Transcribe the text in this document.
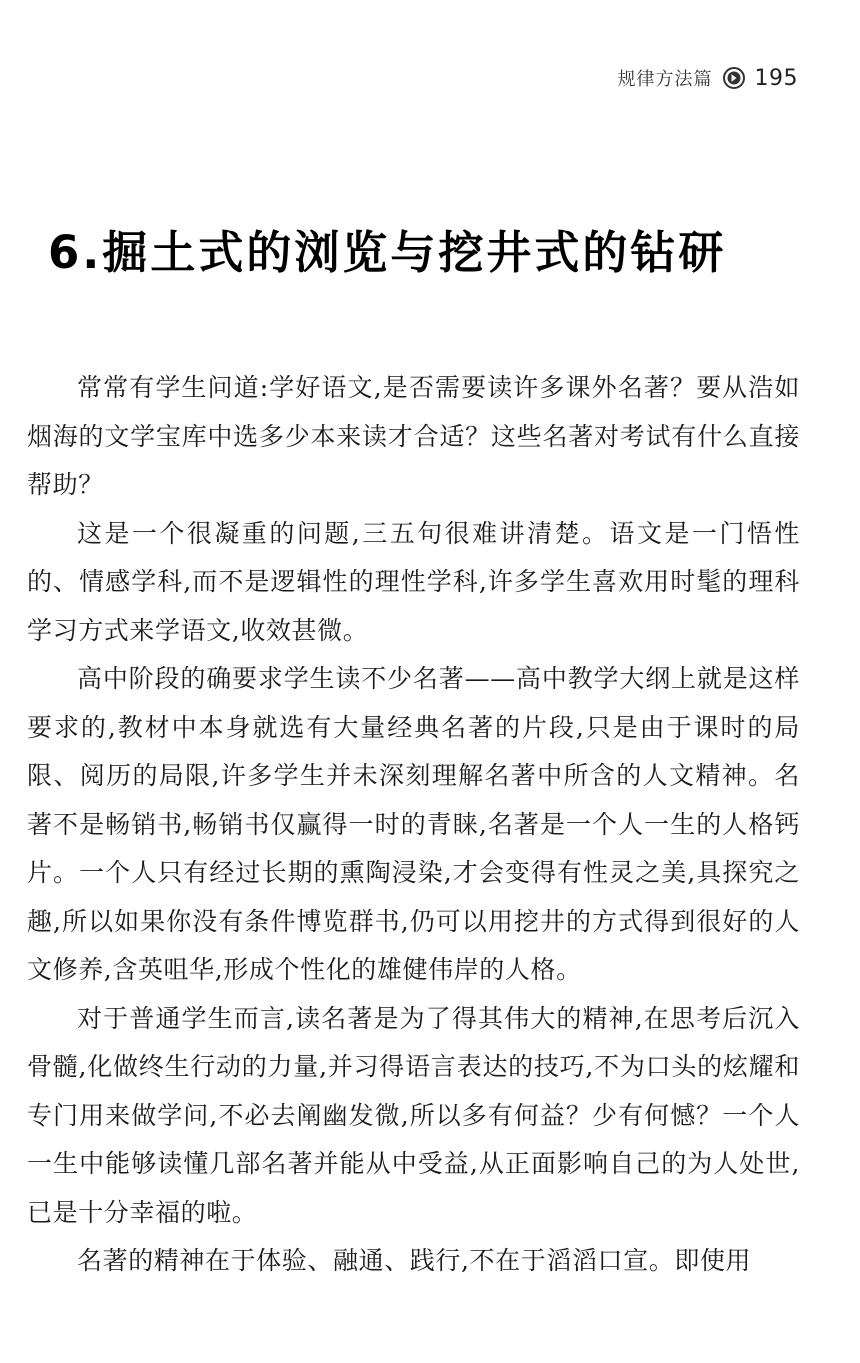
规律方法篇 195
6.掘土式的浏览与挖井式的钻研

常常有学生问道:学好语文,是否需要读许多课外名著？要从浩如烟海的文学宝库中选多少本来读才合适？这些名著对考试有什么直接帮助？

这是一个很凝重的问题,三五句很难讲清楚。语文是一门悟性的、情感学科,而不是逻辑性的理性学科,许多学生喜欢用时髦的理科学习方式来学语文,收效甚微。

高中阶段的确要求学生读不少名著——高中教学大纲上就是这样要求的,教材中本身就选有大量经典名著的片段,只是由于课时的局限、阅历的局限,许多学生并未深刻理解名著中所含的人文精神。名著不是畅销书,畅销书仅赢得一时的青睐,名著是一个人一生的人格钙片。一个人只有经过长期的熏陶浸染,才会变得有性灵之美,具探究之趣,所以如果你没有条件博览群书,仍可以用挖井的方式得到很好的人文修养,含英咀华,形成个性化的雄健伟岸的人格。

对于普通学生而言,读名著是为了得其伟大的精神,在思考后沉入骨髓,化做终生行动的力量,并习得语言表达的技巧,不为口头的炫耀和专门用来做学问,不必去阐幽发微,所以多有何益？少有何憾？一个人一生中能够读懂几部名著并能从中受益,从正面影响自己的为人处世,已是十分幸福的啦。

名著的精神在于体验、融通、践行,不在于滔滔口宣。即使用
